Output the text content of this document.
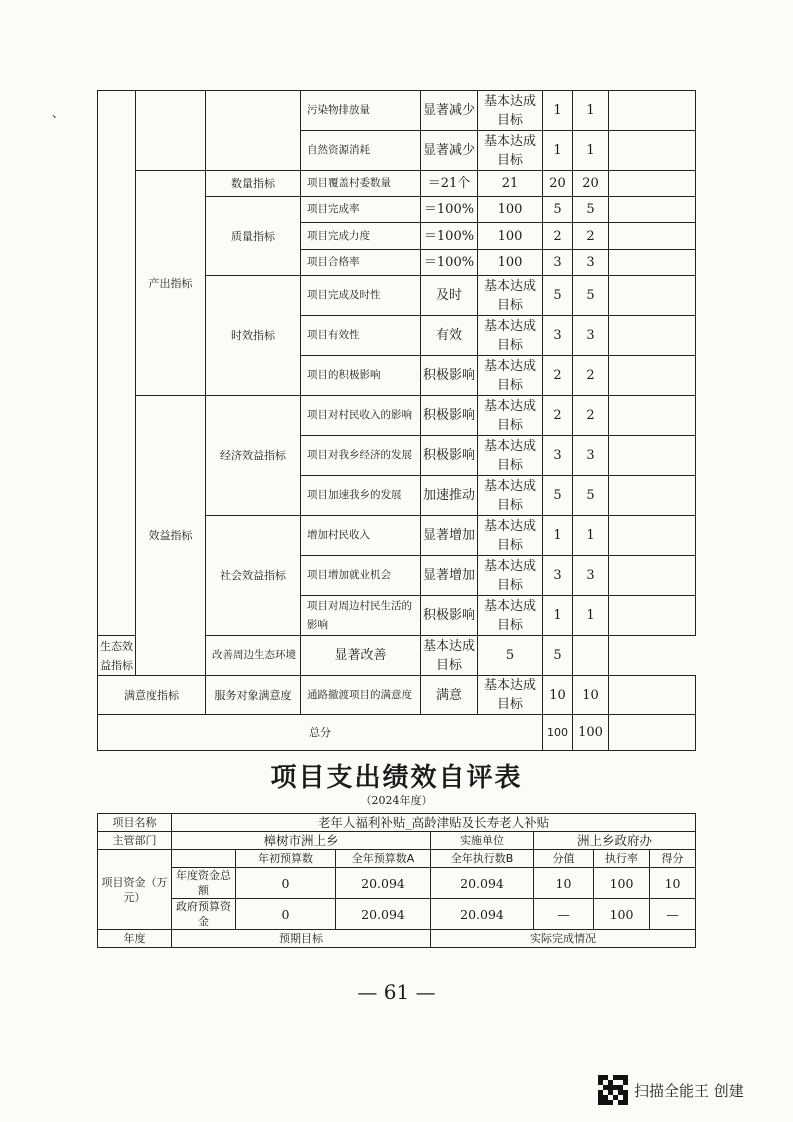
、
				污染物排放量	显著减少	基本达成目标	1	1	
			自然资源消耗	显著减少	基本达成目标	1	1	
	产出指标	数量指标	项目覆盖村委数量	＝21个	21	20	20	
		质量指标	项目完成率	＝100%	100	5	5	
			项目完成力度	＝100%	100	2	2	
			项目合格率	＝100%	100	3	3	
		时效指标	项目完成及时性	及时	基本达成目标	5	5	
			项目有效性	有效	基本达成目标	3	3	
			项目的积极影响	积极影响	基本达成目标	2	2	
	效益指标	经济效益指标	项目对村民收入的影响	积极影响	基本达成目标	2	2	
			项目对我乡经济的发展	积极影响	基本达成目标	3	3	
			项目加速我乡的发展	加速推动	基本达成目标	5	5	
		社会效益指标	增加村民收入	显著增加	基本达成目标	1	1	
			项目增加就业机会	显著增加	基本达成目标	3	3	
			项目对周边村民生活的影响	积极影响	基本达成目标	1	1	
生态效益指标		改善周边生态环境	显著改善	基本达成目标	5	5		
满意度指标		服务对象满意度	通路撤渡项目的满意度	满意	基本达成目标	10	10	
总分						100	100	
项目支出绩效自评表
（2024年度）
项目名称	老年人福利补贴_高龄津贴及长寿老人补贴						
主管部门	樟树市洲上乡			实施单位	洲上乡政府办		
项目资金（万元）		年初预算数	全年预算数A	全年执行数B	分值	执行率	得分
	年度资金总额	0	20.094	20.094	10	100	10
	政府预算资金	0	20.094	20.094	—	100	—
年度	预期目标			实际完成情况			
— 61 —
扫描全能王 创建
